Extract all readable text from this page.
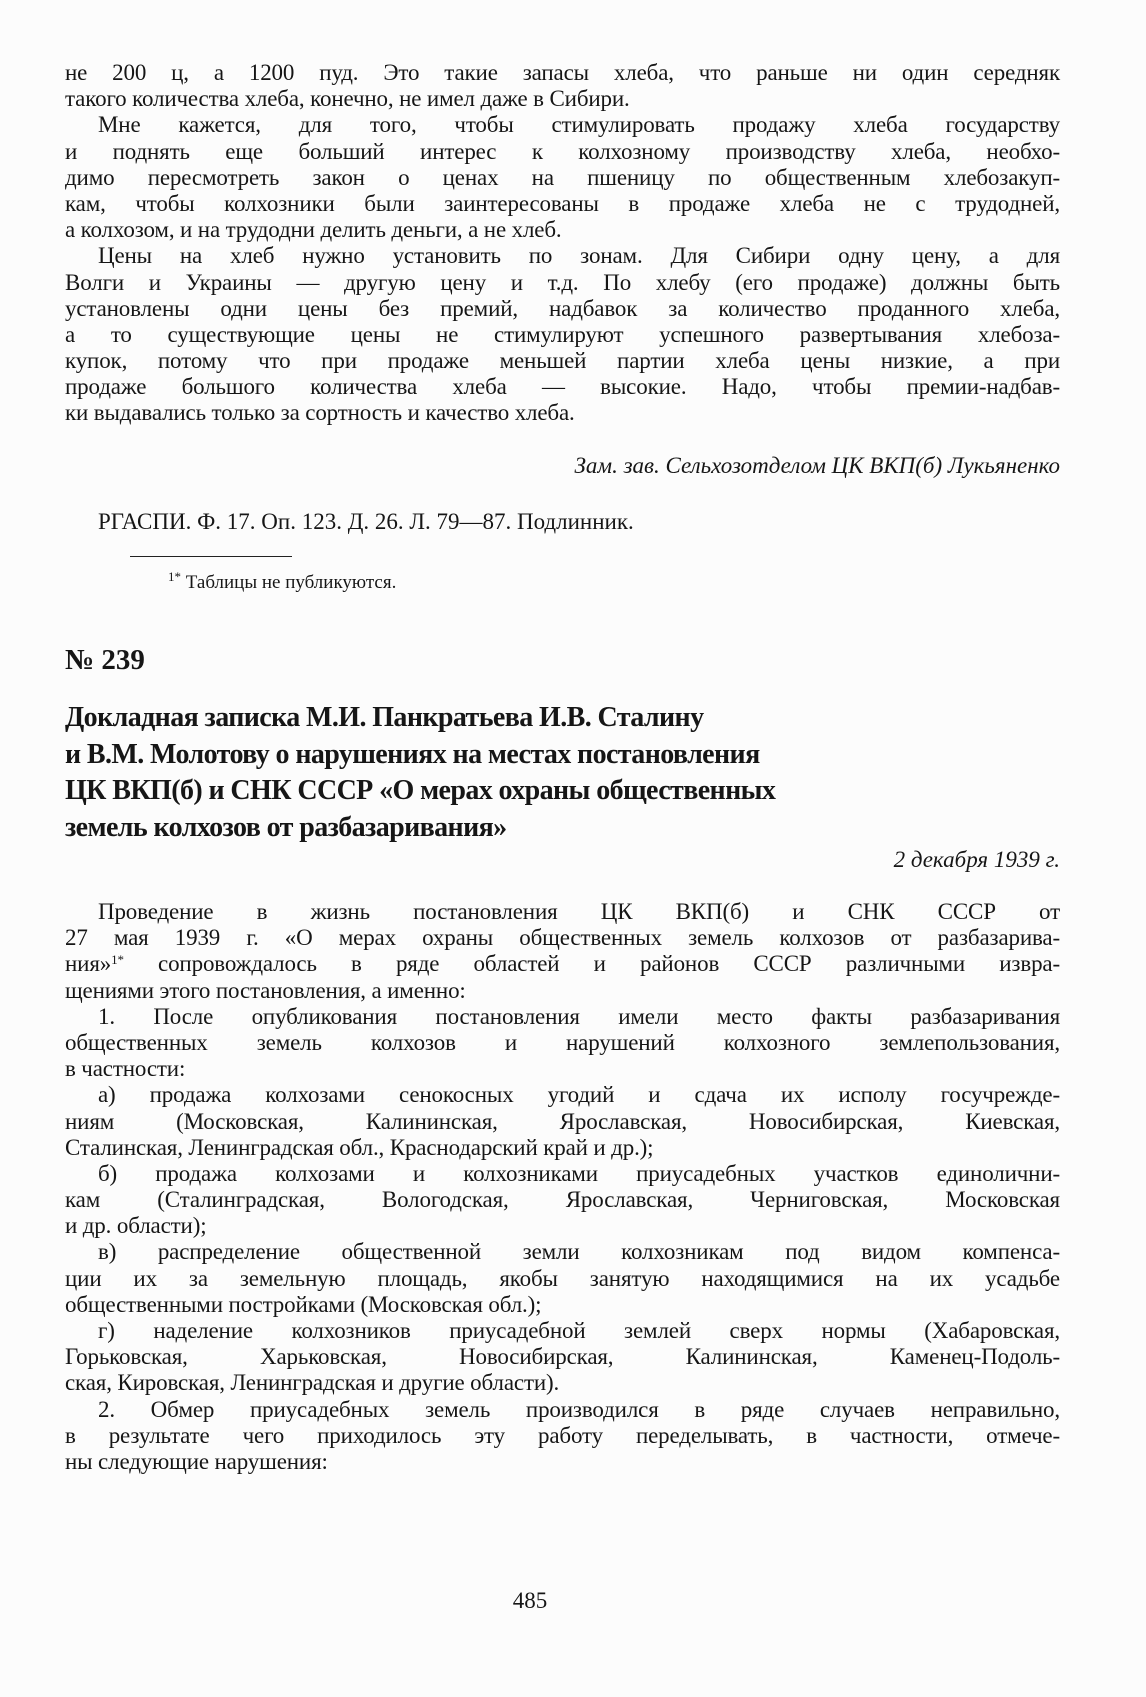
не 200 ц, а 1200 пуд. Это такие запасы хлеба, что раньше ни один середняк
такого количества хлеба, конечно, не имел даже в Сибири.
Мне кажется, для того, чтобы стимулировать продажу хлеба государству
и поднять еще больший интерес к колхозному производству хлеба, необхо-
димо пересмотреть закон о ценах на пшеницу по общественным хлебозакуп-
кам, чтобы колхозники были заинтересованы в продаже хлеба не с трудодней,
а колхозом, и на трудодни делить деньги, а не хлеб.
Цены на хлеб нужно установить по зонам. Для Сибири одну цену, а для
Волги и Украины — другую цену и т.д. По хлебу (его продаже) должны быть
установлены одни цены без премий, надбавок за количество проданного хлеба,
а то существующие цены не стимулируют успешного развертывания хлебоза-
купок, потому что при продаже меньшей партии хлеба цены низкие, а при
продаже большого количества хлеба — высокие. Надо, чтобы премии-надбав-
ки выдавались только за сортность и качество хлеба.
Зам. зав. Сельхозотделом ЦК ВКП(б) Лукьяненко
РГАСПИ. Ф. 17. Оп. 123. Д. 26. Л. 79—87. Подлинник.
$^{1*}$ Таблицы не публикуются.
№ 239
Докладная записка М.И. Панкратьева И.В. Сталину
и В.М. Молотову о нарушениях на местах постановления
ЦК ВКП(б) и СНК СССР «О мерах охраны общественных
земель колхозов от разбазаривания»
2 декабря 1939 г.
Проведение в жизнь постановления ЦК ВКП(б) и СНК СССР от
27 мая 1939 г. «О мерах охраны общественных земель колхозов от разбазарива-
ния»$^{1*}$ сопровождалось в ряде областей и районов СССР различными извра-
щениями этого постановления, а именно:
1. После опубликования постановления имели место факты разбазаривания
общественных земель колхозов и нарушений колхозного землепользования,
в частности:
а) продажа колхозами сенокосных угодий и сдача их исполу госучрежде-
ниям (Московская, Калининская, Ярославская, Новосибирская, Киевская,
Сталинская, Ленинградская обл., Краснодарский край и др.);
б) продажа колхозами и колхозниками приусадебных участков единолични-
кам (Сталинградская, Вологодская, Ярославская, Черниговская, Московская
и др. области);
в) распределение общественной земли колхозникам под видом компенса-
ции их за земельную площадь, якобы занятую находящимися на их усадьбе
общественными постройками (Московская обл.);
г) наделение колхозников приусадебной землей сверх нормы (Хабаровская,
Горьковская, Харьковская, Новосибирская, Калининская, Каменец-Подоль-
ская, Кировская, Ленинградская и другие области).
2. Обмер приусадебных земель производился в ряде случаев неправильно,
в результате чего приходилось эту работу переделывать, в частности, отмече-
ны следующие нарушения:
485
